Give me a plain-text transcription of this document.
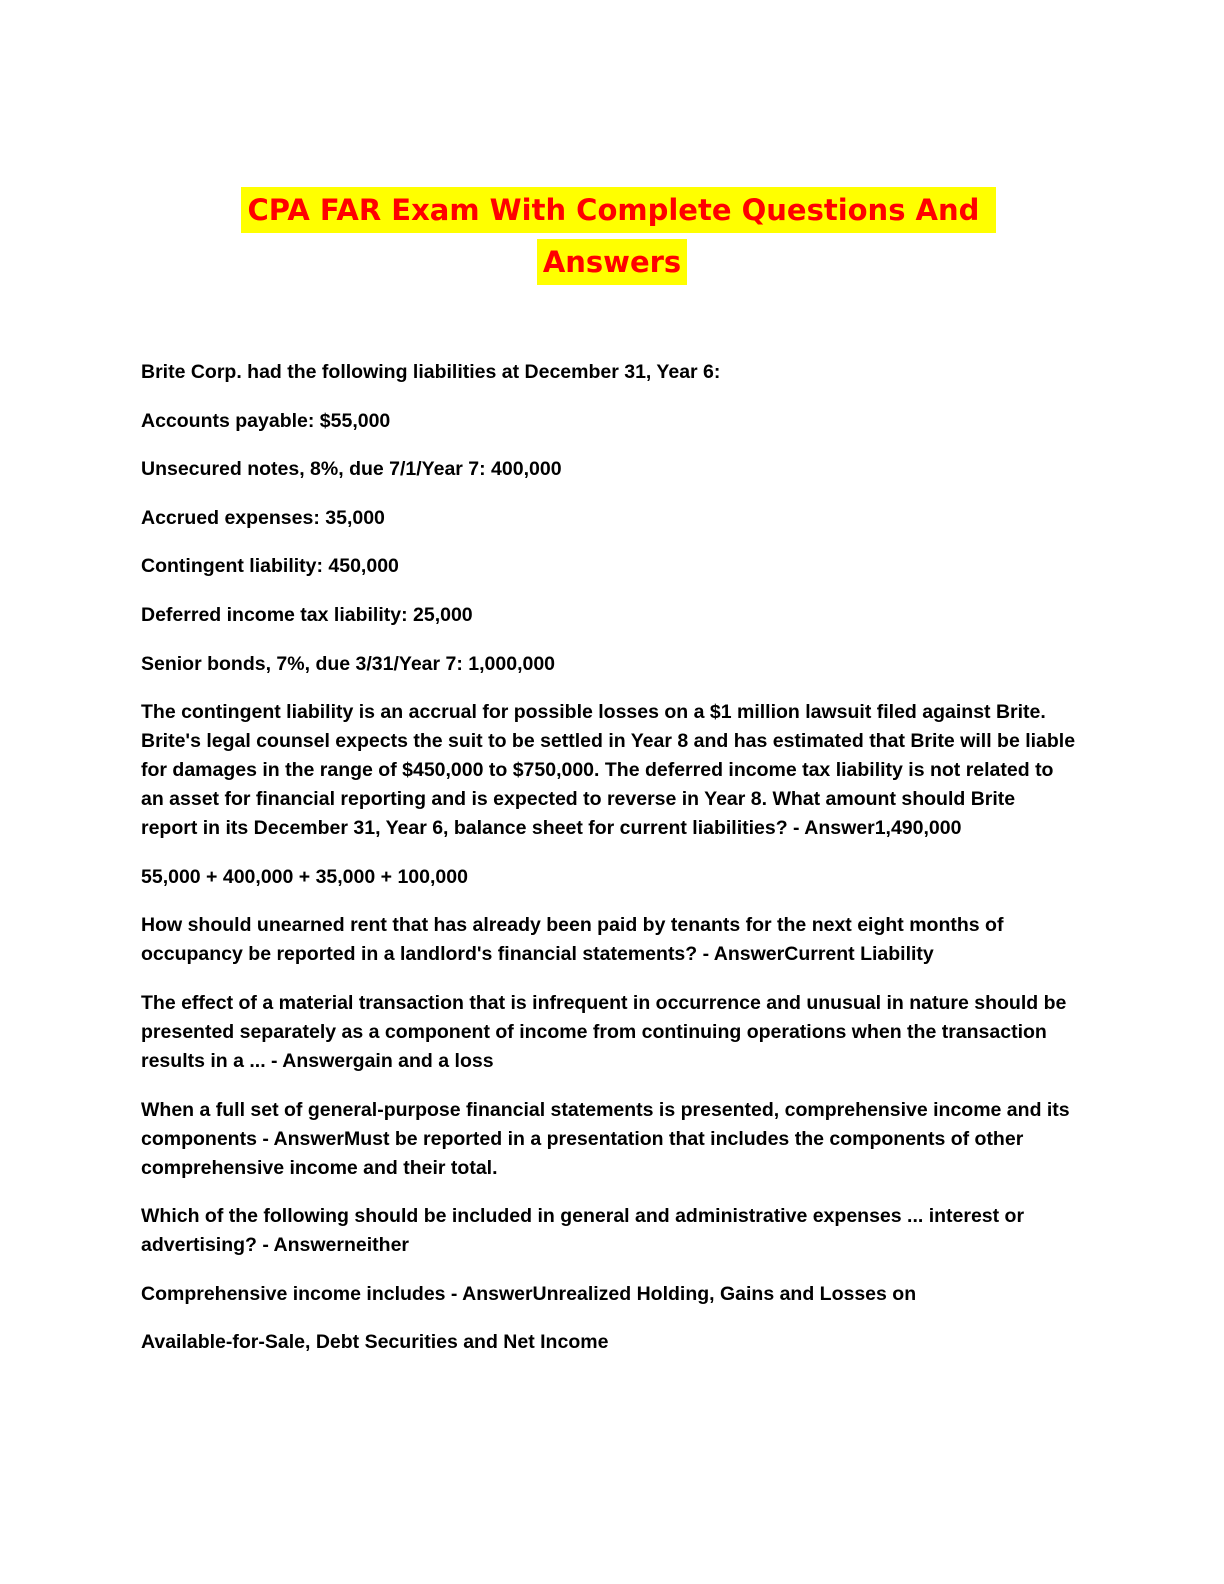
CPA FAR Exam With Complete Questions And
Answers

Brite Corp. had the following liabilities at December 31, Year 6:

Accounts payable: $55,000

Unsecured notes, 8%, due 7/1/Year 7: 400,000

Accrued expenses: 35,000

Contingent liability: 450,000

Deferred income tax liability: 25,000

Senior bonds, 7%, due 3/31/Year 7: 1,000,000

The contingent liability is an accrual for possible losses on a $1 million lawsuit filed against Brite. Brite's legal counsel expects the suit to be settled in Year 8 and has estimated that Brite will be liable for damages in the range of $450,000 to $750,000. The deferred income tax liability is not related to an asset for financial reporting and is expected to reverse in Year 8. What amount should Brite report in its December 31, Year 6, balance sheet for current liabilities? - Answer1,490,000

55,000 + 400,000 + 35,000 + 100,000

How should unearned rent that has already been paid by tenants for the next eight months of occupancy be reported in a landlord's financial statements? - AnswerCurrent Liability

The effect of a material transaction that is infrequent in occurrence and unusual in nature should be presented separately as a component of income from continuing operations when the transaction results in a ... - Answergain and a loss

When a full set of general-purpose financial statements is presented, comprehensive income and its components - AnswerMust be reported in a presentation that includes the components of other comprehensive income and their total.

Which of the following should be included in general and administrative expenses ... interest or advertising? - Answerneither

Comprehensive income includes - AnswerUnrealized Holding, Gains and Losses on

Available-for-Sale, Debt Securities and Net Income
